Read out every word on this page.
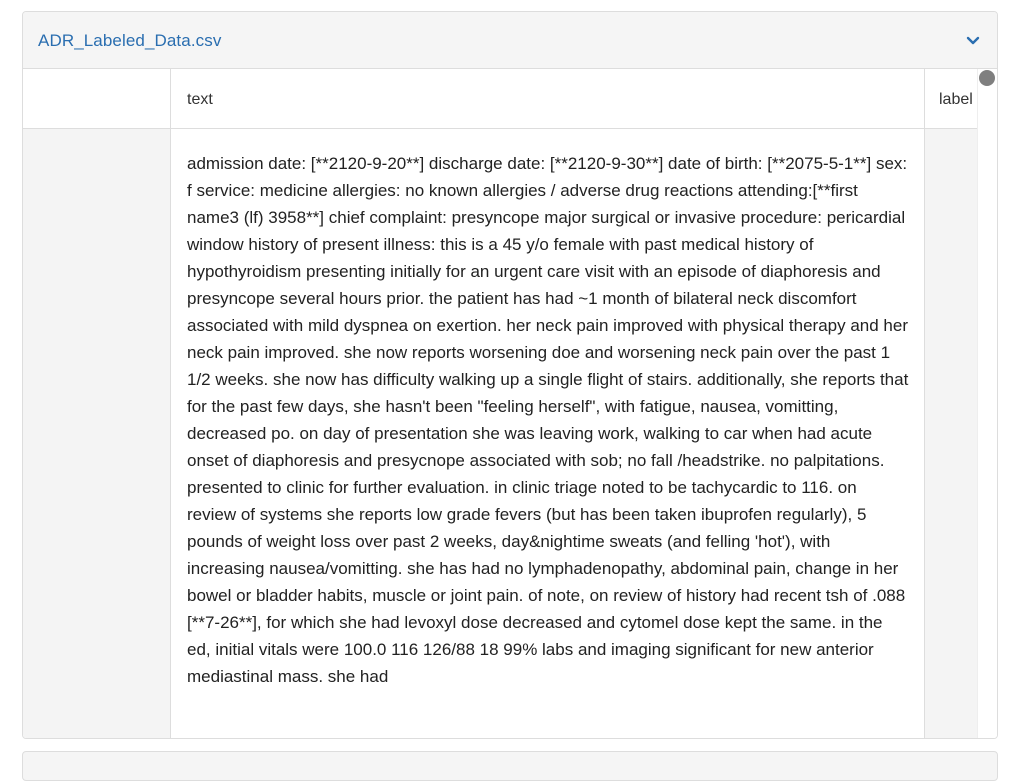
ADR_Labeled_Data.csv
text	label
admission date: [**2120-9-20**] discharge date: [**2120-9-30**] date of birth: [**2075-5-1**] sex: f service: medicine allergies: no known allergies / adverse drug reactions attending:[**first name3 (lf) 3958**] chief complaint: presyncope major surgical or invasive procedure: pericardial window history of present illness: this is a 45 y/o female with past medical history of hypothyroidism presenting initially for an urgent care visit with an episode of diaphoresis and presyncope several hours prior. the patient has had ~1 month of bilateral neck discomfort associated with mild dyspnea on exertion. her neck pain improved with physical therapy and her neck pain improved. she now reports worsening doe and worsening neck pain over the past 1 1/2 weeks. she now has difficulty walking up a single flight of stairs. additionally, she reports that for the past few days, she hasn't been "feeling herself", with fatigue, nausea, vomitting, decreased po. on day of presentation she was leaving work, walking to car when had acute onset of diaphoresis and presycnope associated with sob; no fall /headstrike. no palpitations. presented to clinic for further evaluation. in clinic triage noted to be tachycardic to 116. on review of systems she reports low grade fevers (but has been taken ibuprofen regularly), 5 pounds of weight loss over past 2 weeks, day&nightime sweats (and felling 'hot'), with increasing nausea/vomitting. she has had no lymphadenopathy, abdominal pain, change in her bowel or bladder habits, muscle or joint pain. of note, on review of history had recent tsh of .088 [**7-26**], for which she had levoxyl dose decreased and cytomel dose kept the same. in the ed, initial vitals were 100.0 116 126/88 18 99% labs and imaging significant for new anterior mediastinal mass. she had
